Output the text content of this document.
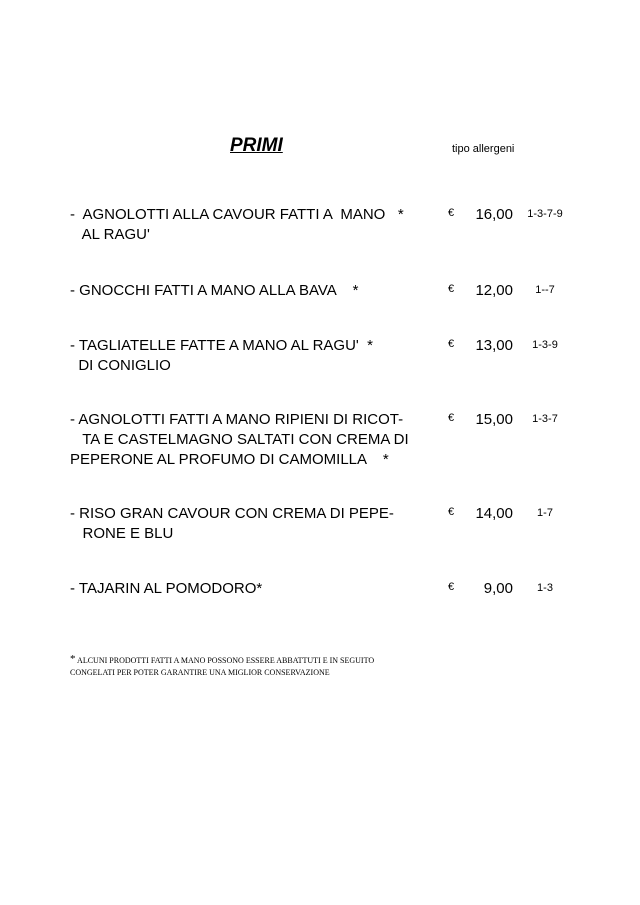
PRIMI	tipo allergeni
-  AGNOLOTTI ALLA CAVOUR FATTI A  MANO   *
AL RAGU'
€	16,00 1-3-7-9
- GNOCCHI FATTI A MANO ALLA BAVA    *	€	12,00	1--7
- TAGLIATELLE FATTE A MANO AL RAGU'  *
DI CONIGLIO
€	13,00	1-3-9
- AGNOLOTTI FATTI A MANO RIPIENI DI RICOT-
TA E CASTELMAGNO SALTATI CON CREMA DI
PEPERONE AL PROFUMO DI CAMOMILLA    *
€	15,00	1-3-7
- RISO GRAN CAVOUR CON CREMA DI PEPE-
RONE E BLU
€	14,00	1-7
- TAJARIN AL POMODORO*	€	9,00	1-3
* ALCUNI PRODOTTI FATTI A MANO POSSONO ESSERE ABBATTUTI E IN SEGUITO
CONGELATI PER POTER GARANTIRE UNA MIGLIOR CONSERVAZIONE
